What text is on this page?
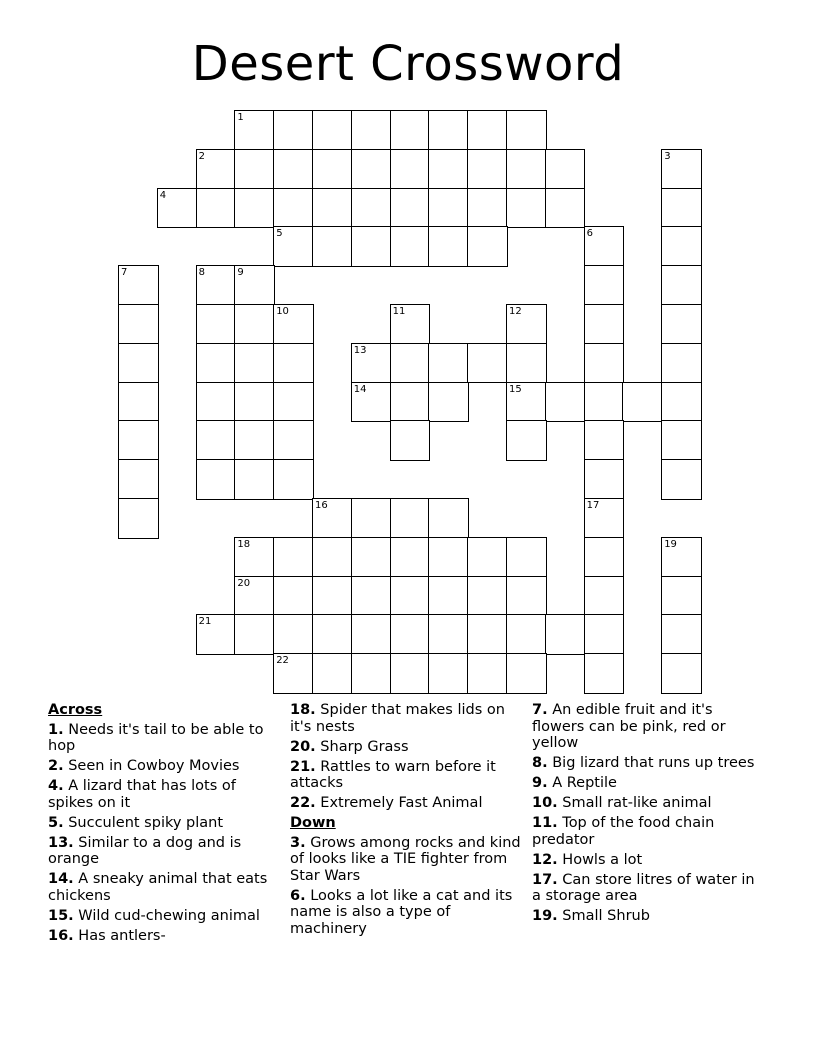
Desert Crossword
1
2	3
4
5	6
7	8	9
10	11	12
13
14	15
16	17
18	19
20
21
22
Across
1. Needs it's tail to be able to hop
2. Seen in Cowboy Movies
4. A lizard that has lots of spikes on it
5. Succulent spiky plant
13. Similar to a dog and is orange
14. A sneaky animal that eats chickens
15. Wild cud-chewing animal
16. Has antlers-
18. Spider that makes lids on it's nests
20. Sharp Grass
21. Rattles to warn before it attacks
22. Extremely Fast Animal
Down
3. Grows among rocks and kind of looks like a TIE fighter from Star Wars
6. Looks a lot like a cat and its name is also a type of machinery
7. An edible fruit and it's flowers can be pink, red or yellow
8. Big lizard that runs up trees
9. A Reptile
10. Small rat-like animal
11. Top of the food chain predator
12. Howls a lot
17. Can store litres of water in a storage area
19. Small Shrub
